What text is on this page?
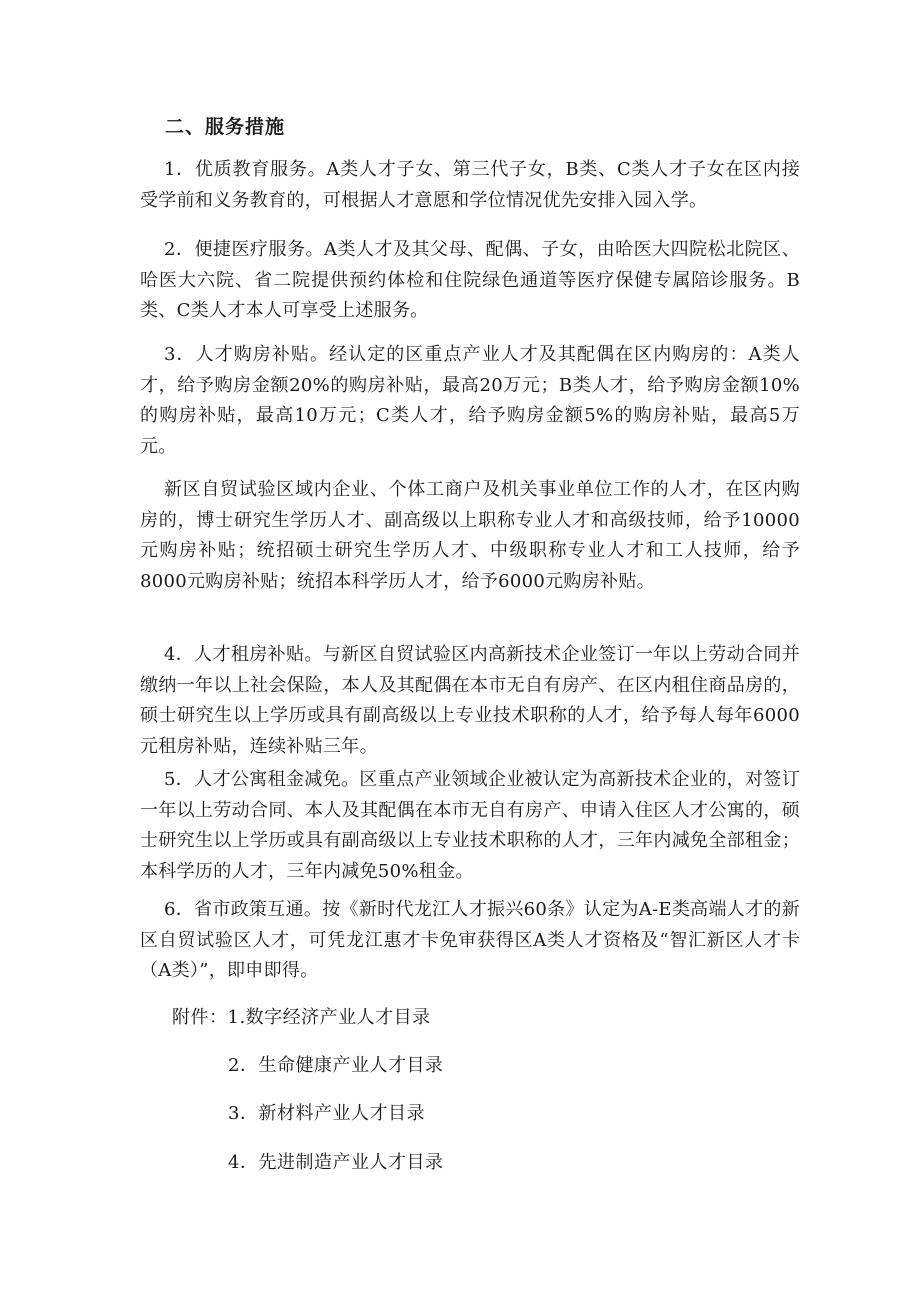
二、服务措施

1．优质教育服务。A类人才子女、第三代子女，B类、C类人才子女在区内接受学前和义务教育的，可根据人才意愿和学位情况优先安排入园入学。

2．便捷医疗服务。A类人才及其父母、配偶、子女，由哈医大四院松北院区、哈医大六院、省二院提供预约体检和住院绿色通道等医疗保健专属陪诊服务。B类、C类人才本人可享受上述服务。

3．人才购房补贴。经认定的区重点产业人才及其配偶在区内购房的：A类人才，给予购房金额20%的购房补贴，最高20万元；B类人才，给予购房金额10%的购房补贴，最高10万元；C类人才，给予购房金额5%的购房补贴，最高5万元。

新区自贸试验区域内企业、个体工商户及机关事业单位工作的人才，在区内购房的，博士研究生学历人才、副高级以上职称专业人才和高级技师，给予10000元购房补贴；统招硕士研究生学历人才、中级职称专业人才和工人技师，给予8000元购房补贴；统招本科学历人才，给予6000元购房补贴。

4．人才租房补贴。与新区自贸试验区内高新技术企业签订一年以上劳动合同并缴纳一年以上社会保险，本人及其配偶在本市无自有房产、在区内租住商品房的，硕士研究生以上学历或具有副高级以上专业技术职称的人才，给予每人每年6000元租房补贴，连续补贴三年。

5．人才公寓租金减免。区重点产业领域企业被认定为高新技术企业的，对签订一年以上劳动合同、本人及其配偶在本市无自有房产、申请入住区人才公寓的，硕士研究生以上学历或具有副高级以上专业技术职称的人才，三年内减免全部租金；本科学历的人才，三年内减免50%租金。

6．省市政策互通。按《新时代龙江人才振兴60条》认定为A-E类高端人才的新区自贸试验区人才，可凭龙江惠才卡免审获得区A类人才资格及“智汇新区人才卡（A类）”，即申即得。

附件：1.数字经济产业人才目录

2．生命健康产业人才目录

3．新材料产业人才目录

4．先进制造产业人才目录
